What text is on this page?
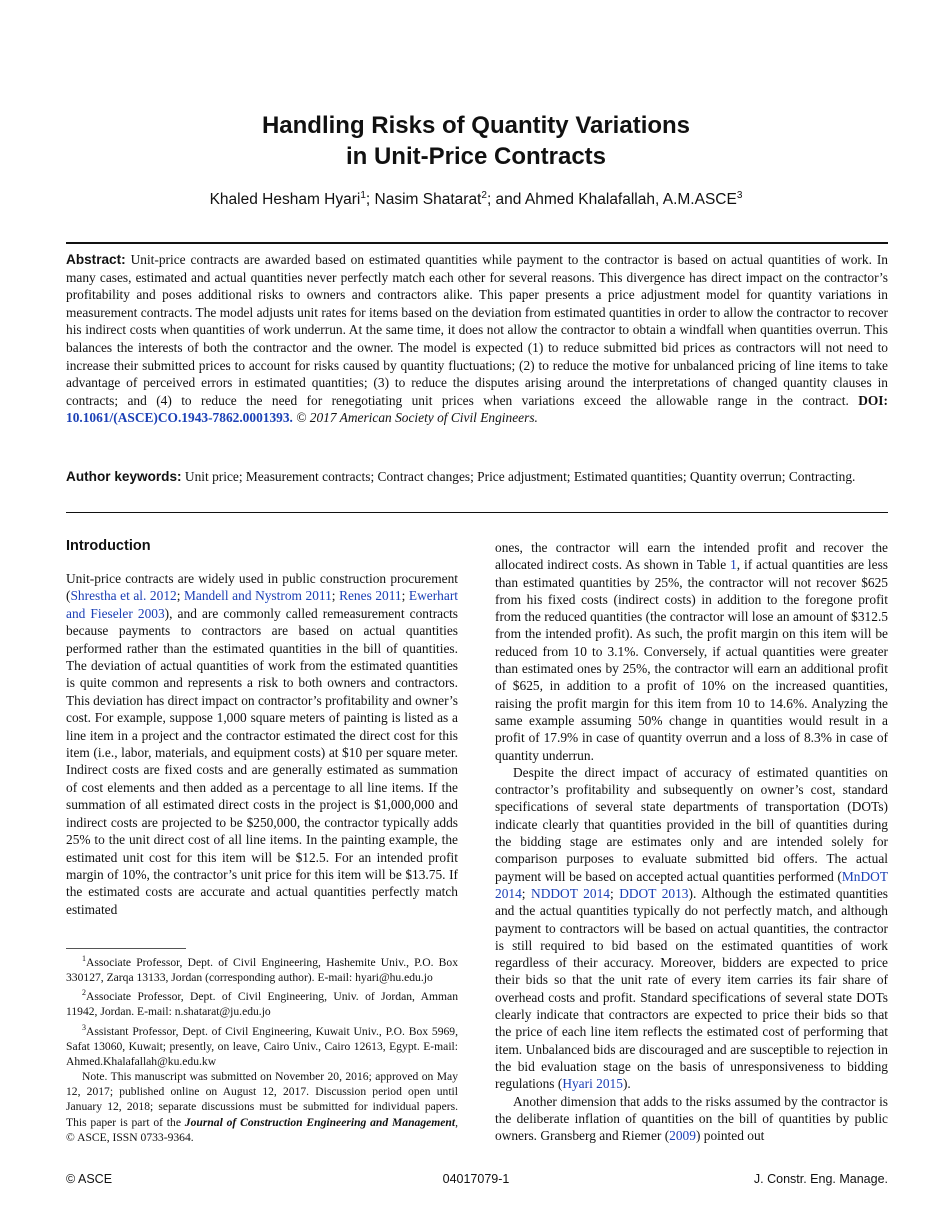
Handling Risks of Quantity Variations
in Unit-Price Contracts

Khaled Hesham Hyari$^1$; Nasim Shatarat$^2$; and Ahmed Khalafallah, A.M.ASCE$^3$

Abstract: Unit-price contracts are awarded based on estimated quantities while payment to the contractor is based on actual quantities of work. In many cases, estimated and actual quantities never perfectly match each other for several reasons. This divergence has direct impact on the contractor’s profitability and poses additional risks to owners and contractors alike. This paper presents a price adjustment model for quantity variations in measurement contracts. The model adjusts unit rates for items based on the deviation from estimated quantities in order to allow the contractor to recover his indirect costs when quantities of work underrun. At the same time, it does not allow the contractor to obtain a windfall when quantities overrun. This balances the interests of both the contractor and the owner. The model is expected (1) to reduce submitted bid prices as contractors will not need to increase their submitted prices to account for risks caused by quantity fluctuations; (2) to reduce the motive for unbalanced pricing of line items to take advantage of perceived errors in estimated quantities; (3) to reduce the disputes arising around the interpretations of changed quantity clauses in contracts; and (4) to reduce the need for renegotiating unit prices when variations exceed the allowable range in the contract. DOI: 10.1061/(ASCE)CO.1943-7862.0001393. © 2017 American Society of Civil Engineers.

Author keywords: Unit price; Measurement contracts; Contract changes; Price adjustment; Estimated quantities; Quantity overrun; Contracting.

Introduction

Unit-price contracts are widely used in public construction procurement (Shrestha et al. 2012; Mandell and Nystrom 2011; Renes 2011; Ewerhart and Fieseler 2003), and are commonly called remeasurement contracts because payments to contractors are based on actual quantities performed rather than the estimated quantities in the bill of quantities. The deviation of actual quantities of work from the estimated quantities is quite common and represents a risk to both owners and contractors. This deviation has direct impact on contractor’s profitability and owner’s cost. For example, suppose 1,000 square meters of painting is listed as a line item in a project and the contractor estimated the direct cost for this item (i.e., labor, materials, and equipment costs) at $10 per square meter. Indirect costs are fixed costs and are generally estimated as summation of cost elements and then added as a percentage to all line items. If the summation of all estimated direct costs in the project is $1,000,000 and indirect costs are projected to be $250,000, the contractor typically adds 25% to the unit direct cost of all line items. In the painting example, the estimated unit cost for this item will be $12.5. For an intended profit margin of 10%, the contractor’s unit price for this item will be $13.75. If the estimated costs are accurate and actual quantities perfectly match estimated

$^1$Associate Professor, Dept. of Civil Engineering, Hashemite Univ., P.O. Box 330127, Zarqa 13133, Jordan (corresponding author). E-mail: hyari@hu.edu.jo

$^2$Associate Professor, Dept. of Civil Engineering, Univ. of Jordan, Amman 11942, Jordan. E-mail: n.shatarat@ju.edu.jo

$^3$Assistant Professor, Dept. of Civil Engineering, Kuwait Univ., P.O. Box 5969, Safat 13060, Kuwait; presently, on leave, Cairo Univ., Cairo 12613, Egypt. E-mail: Ahmed.Khalafallah@ku.edu.kw

Note. This manuscript was submitted on November 20, 2016; approved on May 12, 2017; published online on August 12, 2017. Discussion period open until January 12, 2018; separate discussions must be submitted for individual papers. This paper is part of the Journal of Construction Engineering and Management, © ASCE, ISSN 0733-9364.

ones, the contractor will earn the intended profit and recover the allocated indirect costs. As shown in Table 1, if actual quantities are less than estimated quantities by 25%, the contractor will not recover $625 from his fixed costs (indirect costs) in addition to the foregone profit from the reduced quantities (the contractor will lose an amount of $312.5 from the intended profit). As such, the profit margin on this item will be reduced from 10 to 3.1%. Conversely, if actual quantities were greater than estimated ones by 25%, the contractor will earn an additional profit of $625, in addition to a profit of 10% on the increased quantities, raising the profit margin for this item from 10 to 14.6%. Analyzing the same example assuming 50% change in quantities would result in a profit of 17.9% in case of quantity overrun and a loss of 8.3% in case of quantity underrun.

Despite the direct impact of accuracy of estimated quantities on contractor’s profitability and subsequently on owner’s cost, standard specifications of several state departments of transportation (DOTs) indicate clearly that quantities provided in the bill of quantities during the bidding stage are estimates only and are intended solely for comparison purposes to evaluate submitted bid offers. The actual payment will be based on accepted actual quantities performed (MnDOT 2014; NDDOT 2014; DDOT 2013). Although the estimated quantities and the actual quantities typically do not perfectly match, and although payment to contractors will be based on actual quantities, the contractor is still required to bid based on the estimated quantities of work regardless of their accuracy. Moreover, bidders are expected to price their bids so that the unit rate of every item carries its fair share of overhead costs and profit. Standard specifications of several state DOTs clearly indicate that contractors are expected to price their bids so that the price of each line item reflects the estimated cost of performing that item. Unbalanced bids are discouraged and are susceptible to rejection in the bid evaluation stage on the basis of unresponsiveness to bidding regulations (Hyari 2015).

Another dimension that adds to the risks assumed by the contractor is the deliberate inflation of quantities on the bill of quantities by public owners. Gransberg and Riemer (2009) pointed out

© ASCE	04017079-1	J. Constr. Eng. Manage.
